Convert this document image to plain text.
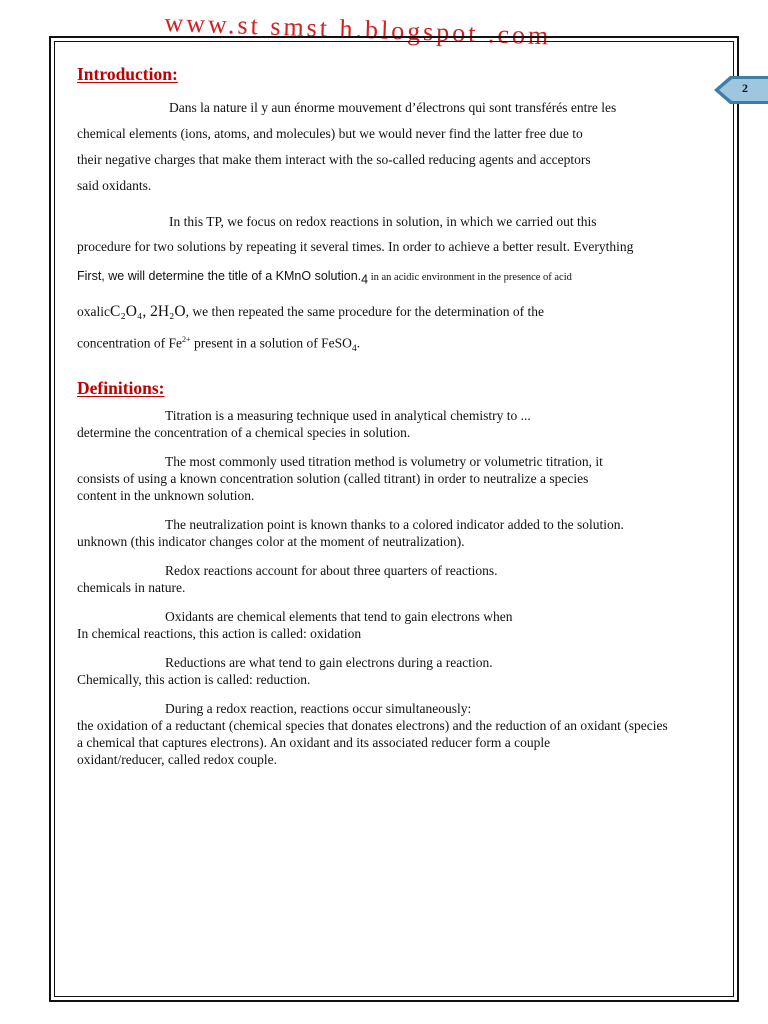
www.st smst h.blogspot .com
2
Introduction:

Dans la nature il y aun énorme mouvement d’électrons qui sont transférés entre les

chemical elements (ions, atoms, and molecules) but we would never find the latter free due to

their negative charges that make them interact with the so-called reducing agents and acceptors

said oxidants.

In this TP, we focus on redox reactions in solution, in which we carried out this

procedure for two solutions by repeating it several times. In order to achieve a better result. Everything

First, we will determine the title of a KMnO $solution._4$ in an acidic environment in the presence of acid

oxalicC₂O₄, 2H₂O, we then repeated the same procedure for the determination of the

concentration of $Fe^{2+}$ present in a solution of FeSO$_4$.

Definitions:

Titration is a measuring technique used in analytical chemistry to ...
determine the concentration of a chemical species in solution.

The most commonly used titration method is volumetry or volumetric titration, it
consists of using a known concentration solution (called titrant) in order to neutralize a species
content in the unknown solution.

The neutralization point is known thanks to a colored indicator added to the solution.
unknown (this indicator changes color at the moment of neutralization).

Redox reactions account for about three quarters of reactions.
chemicals in nature.

Oxidants are chemical elements that tend to gain electrons when
In chemical reactions, this action is called: oxidation

Reductions are what tend to gain electrons during a reaction.
Chemically, this action is called: reduction.

During a redox reaction, reactions occur simultaneously:
the oxidation of a reductant (chemical species that donates electrons) and the reduction of an oxidant (species
a chemical that captures electrons). An oxidant and its associated reducer form a couple
oxidant/reducer, called redox couple.
